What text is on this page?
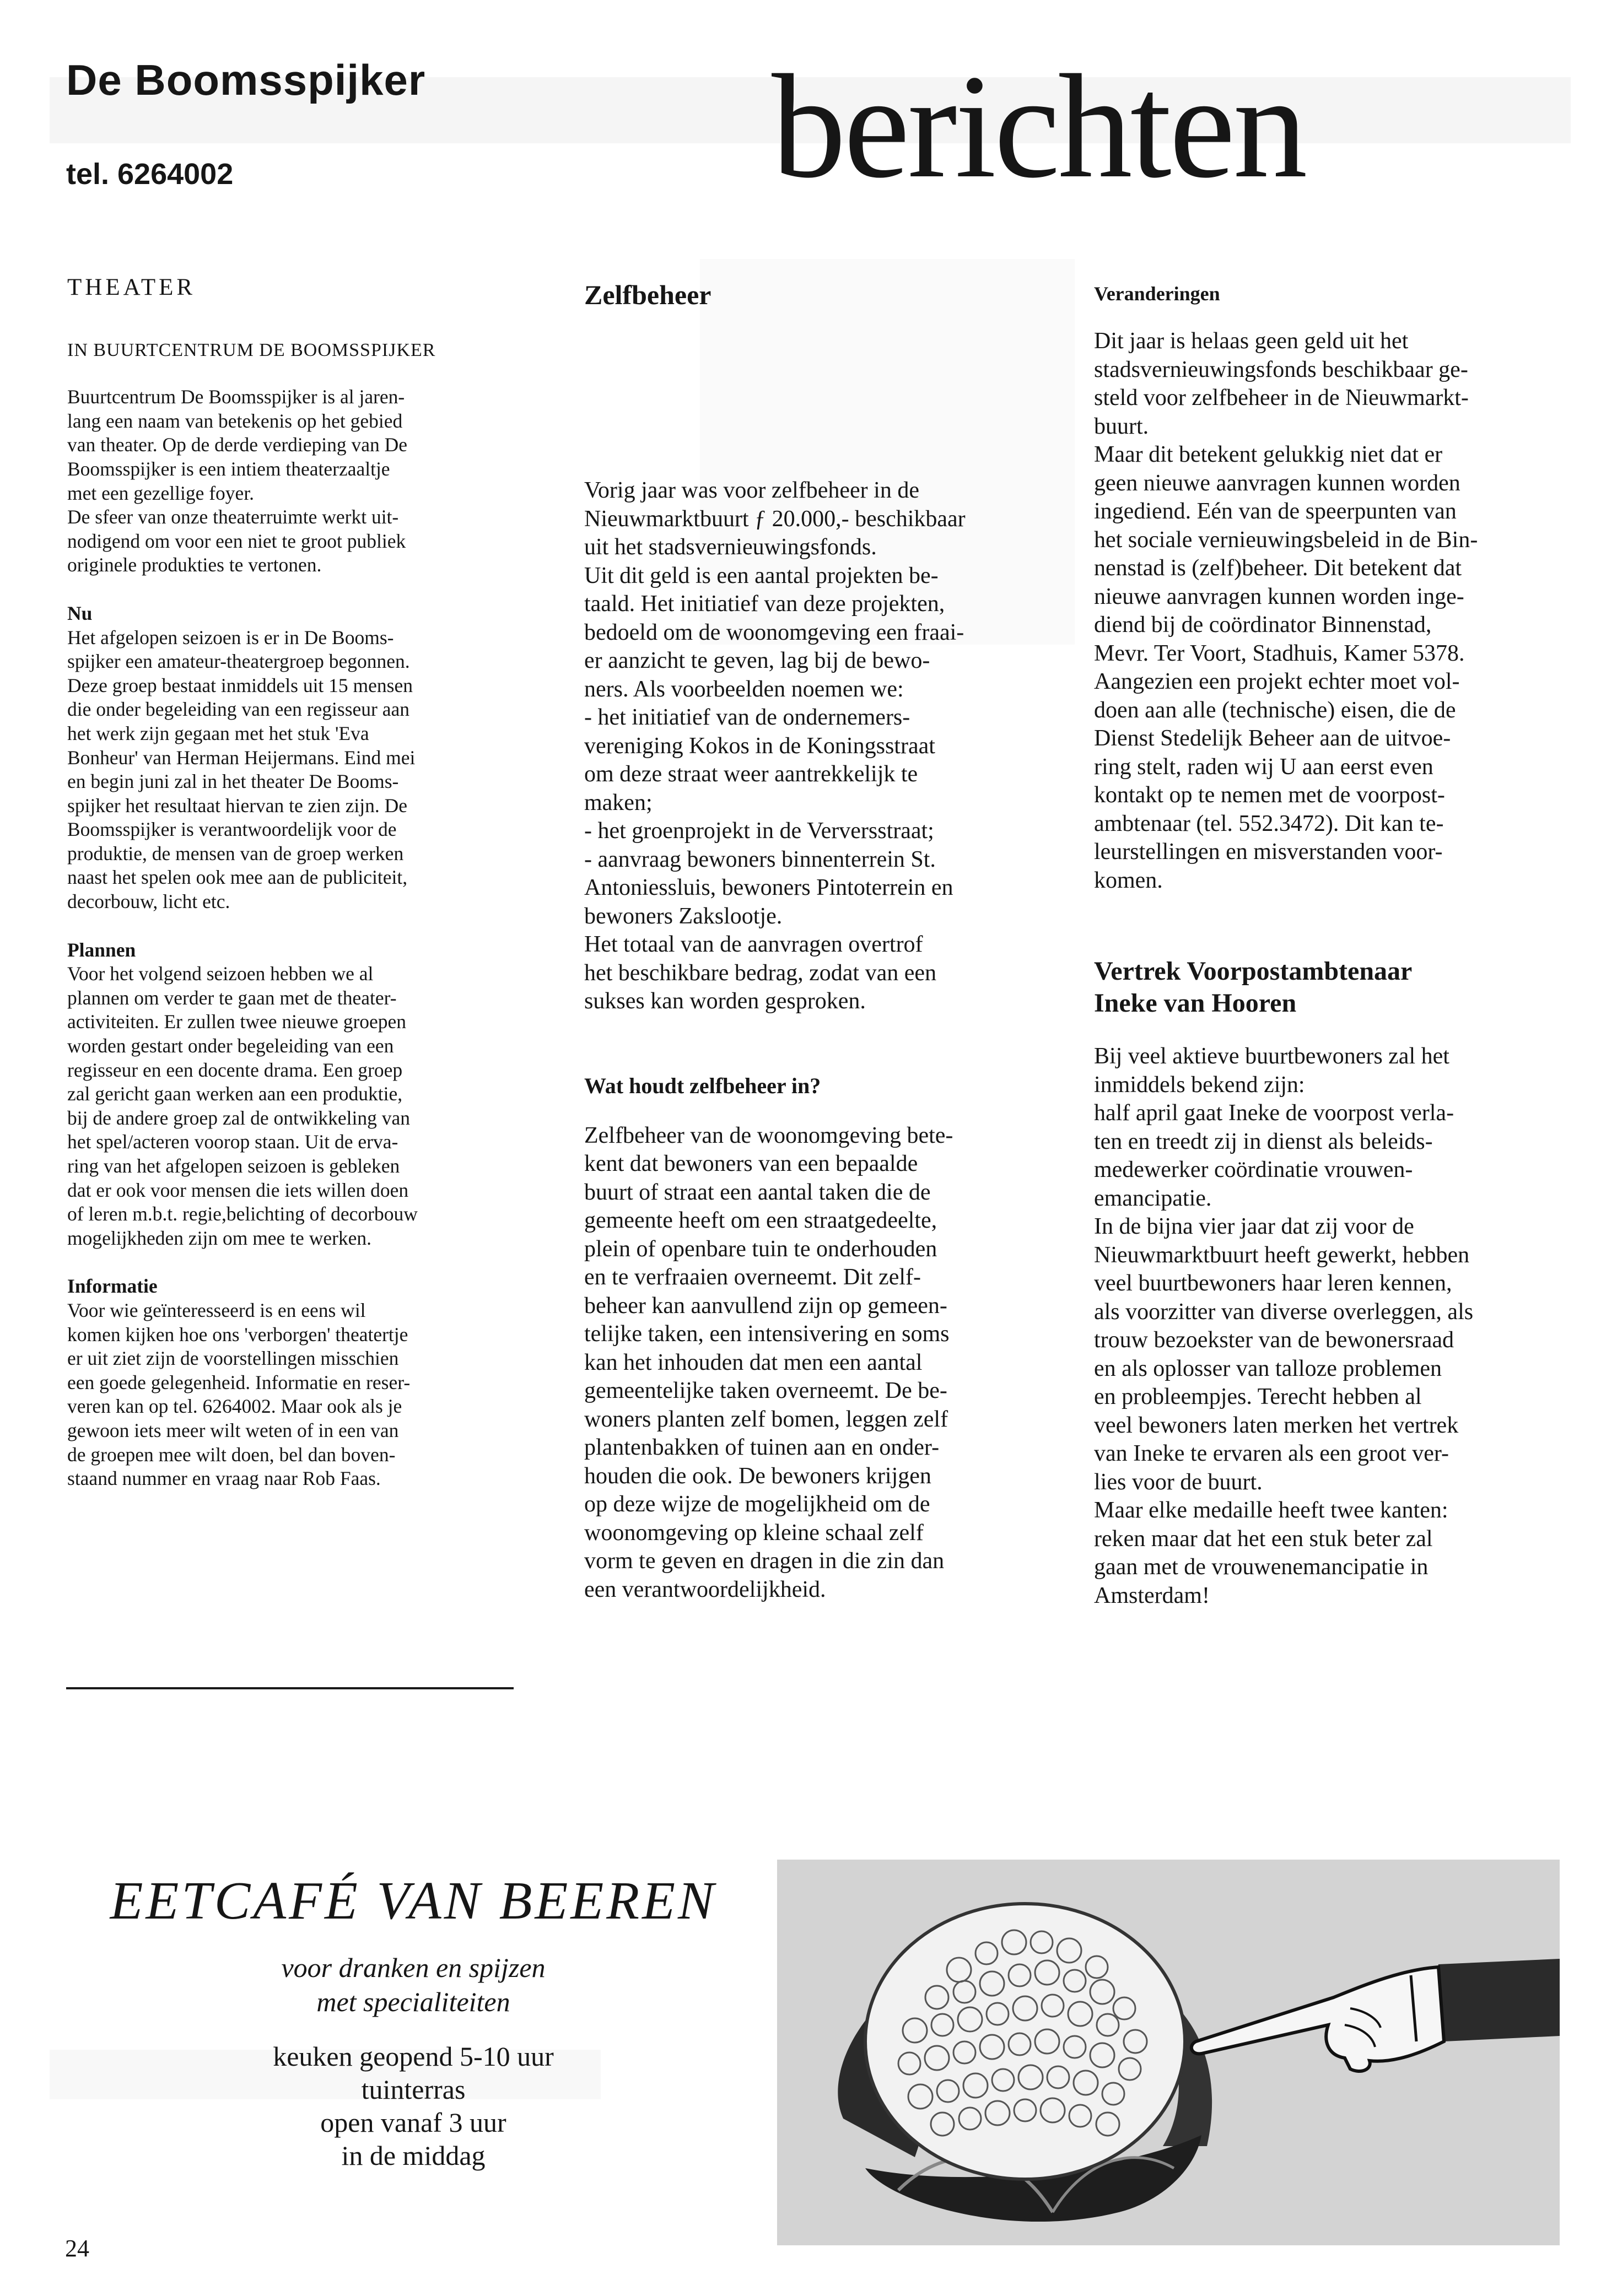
De Boomsspijker
tel. 6264002	berichten

THEATER

IN BUURTCENTRUM DE BOOMSSPIJKER

Buurtcentrum De Boomsspijker is al jaren-
lang een naam van betekenis op het gebied
van theater. Op de derde verdieping van De
Boomsspijker is een intiem theaterzaaltje
met een gezellige foyer.
De sfeer van onze theaterruimte werkt uit-
nodigend om voor een niet te groot publiek
originele produkties te vertonen.

Nu

Het afgelopen seizoen is er in De Booms-
spijker een amateur-theatergroep begonnen.
Deze groep bestaat inmiddels uit 15 mensen
die onder begeleiding van een regisseur aan
het werk zijn gegaan met het stuk 'Eva
Bonheur' van Herman Heijermans. Eind mei
en begin juni zal in het theater De Booms-
spijker het resultaat hiervan te zien zijn. De
Boomsspijker is verantwoordelijk voor de
produktie, de mensen van de groep werken
naast het spelen ook mee aan de publiciteit,
decorbouw, licht etc.

Plannen

Voor het volgend seizoen hebben we al
plannen om verder te gaan met de theater-
activiteiten. Er zullen twee nieuwe groepen
worden gestart onder begeleiding van een
regisseur en een docente drama. Een groep
zal gericht gaan werken aan een produktie,
bij de andere groep zal de ontwikkeling van
het spel/acteren voorop staan. Uit de erva-
ring van het afgelopen seizoen is gebleken
dat er ook voor mensen die iets willen doen
of leren m.b.t. regie,belichting of decorbouw
mogelijkheden zijn om mee te werken.

Informatie

Voor wie geïnteresseerd is en eens wil
komen kijken hoe ons 'verborgen' theatertje
er uit ziet zijn de voorstellingen misschien
een goede gelegenheid. Informatie en reser-
veren kan op tel. 6264002. Maar ook als je
gewoon iets meer wilt weten of in een van
de groepen mee wilt doen, bel dan boven-
staand nummer en vraag naar Rob Faas.

Zelfbeheer

Vorig jaar was voor zelfbeheer in de
Nieuwmarktbuurt ƒ 20.000,- beschikbaar
uit het stadsvernieuwingsfonds.
Uit dit geld is een aantal projekten be-
taald. Het initiatief van deze projekten,
bedoeld om de woonomgeving een fraai-
er aanzicht te geven, lag bij de bewo-
ners. Als voorbeelden noemen we:
- het initiatief van de ondernemers-
vereniging Kokos in de Koningsstraat
om deze straat weer aantrekkelijk te
maken;
- het groenprojekt in de Verversstraat;
- aanvraag bewoners binnenterrein St.
Antoniessluis, bewoners Pintoterrein en
bewoners Zakslootje.
Het totaal van de aanvragen overtrof
het beschikbare bedrag, zodat van een
sukses kan worden gesproken.

Wat houdt zelfbeheer in?

Zelfbeheer van de woonomgeving bete-
kent dat bewoners van een bepaalde
buurt of straat een aantal taken die de
gemeente heeft om een straatgedeelte,
plein of openbare tuin te onderhouden
en te verfraaien overneemt. Dit zelf-
beheer kan aanvullend zijn op gemeen-
telijke taken, een intensivering en soms
kan het inhouden dat men een aantal
gemeentelijke taken overneemt. De be-
woners planten zelf bomen, leggen zelf
plantenbakken of tuinen aan en onder-
houden die ook. De bewoners krijgen
op deze wijze de mogelijkheid om de
woonomgeving op kleine schaal zelf
vorm te geven en dragen in die zin dan
een verantwoordelijkheid.

Veranderingen

Dit jaar is helaas geen geld uit het
stadsvernieuwingsfonds beschikbaar ge-
steld voor zelfbeheer in de Nieuwmarkt-
buurt.
Maar dit betekent gelukkig niet dat er
geen nieuwe aanvragen kunnen worden
ingediend. Eén van de speerpunten van
het sociale vernieuwingsbeleid in de Bin-
nenstad is (zelf)beheer. Dit betekent dat
nieuwe aanvragen kunnen worden inge-
diend bij de coördinator Binnenstad,
Mevr. Ter Voort, Stadhuis, Kamer 5378.
Aangezien een projekt echter moet vol-
doen aan alle (technische) eisen, die de
Dienst Stedelijk Beheer aan de uitvoe-
ring stelt, raden wij U aan eerst even
kontakt op te nemen met de voorpost-
ambtenaar (tel. 552.3472). Dit kan te-
leurstellingen en misverstanden voor-
komen.

Vertrek Voorpostambtenaar
Ineke van Hooren

Bij veel aktieve buurtbewoners zal het
inmiddels bekend zijn:
half april gaat Ineke de voorpost verla-
ten en treedt zij in dienst als beleids-
medewerker coördinatie vrouwen-
emancipatie.
In de bijna vier jaar dat zij voor de
Nieuwmarktbuurt heeft gewerkt, hebben
veel buurtbewoners haar leren kennen,
als voorzitter van diverse overleggen, als
trouw bezoekster van de bewonersraad
en als oplosser van talloze problemen
en probleempjes. Terecht hebben al
veel bewoners laten merken het vertrek
van Ineke te ervaren als een groot ver-
lies voor de buurt.
Maar elke medaille heeft twee kanten:
reken maar dat het een stuk beter zal
gaan met de vrouwenemancipatie in
Amsterdam!

EETCAFÉ VAN BEEREN

voor dranken en spijzen

met specialiteiten

keuken geopend 5-10 uur

tuinterras

open vanaf 3 uur

in de middag

24
